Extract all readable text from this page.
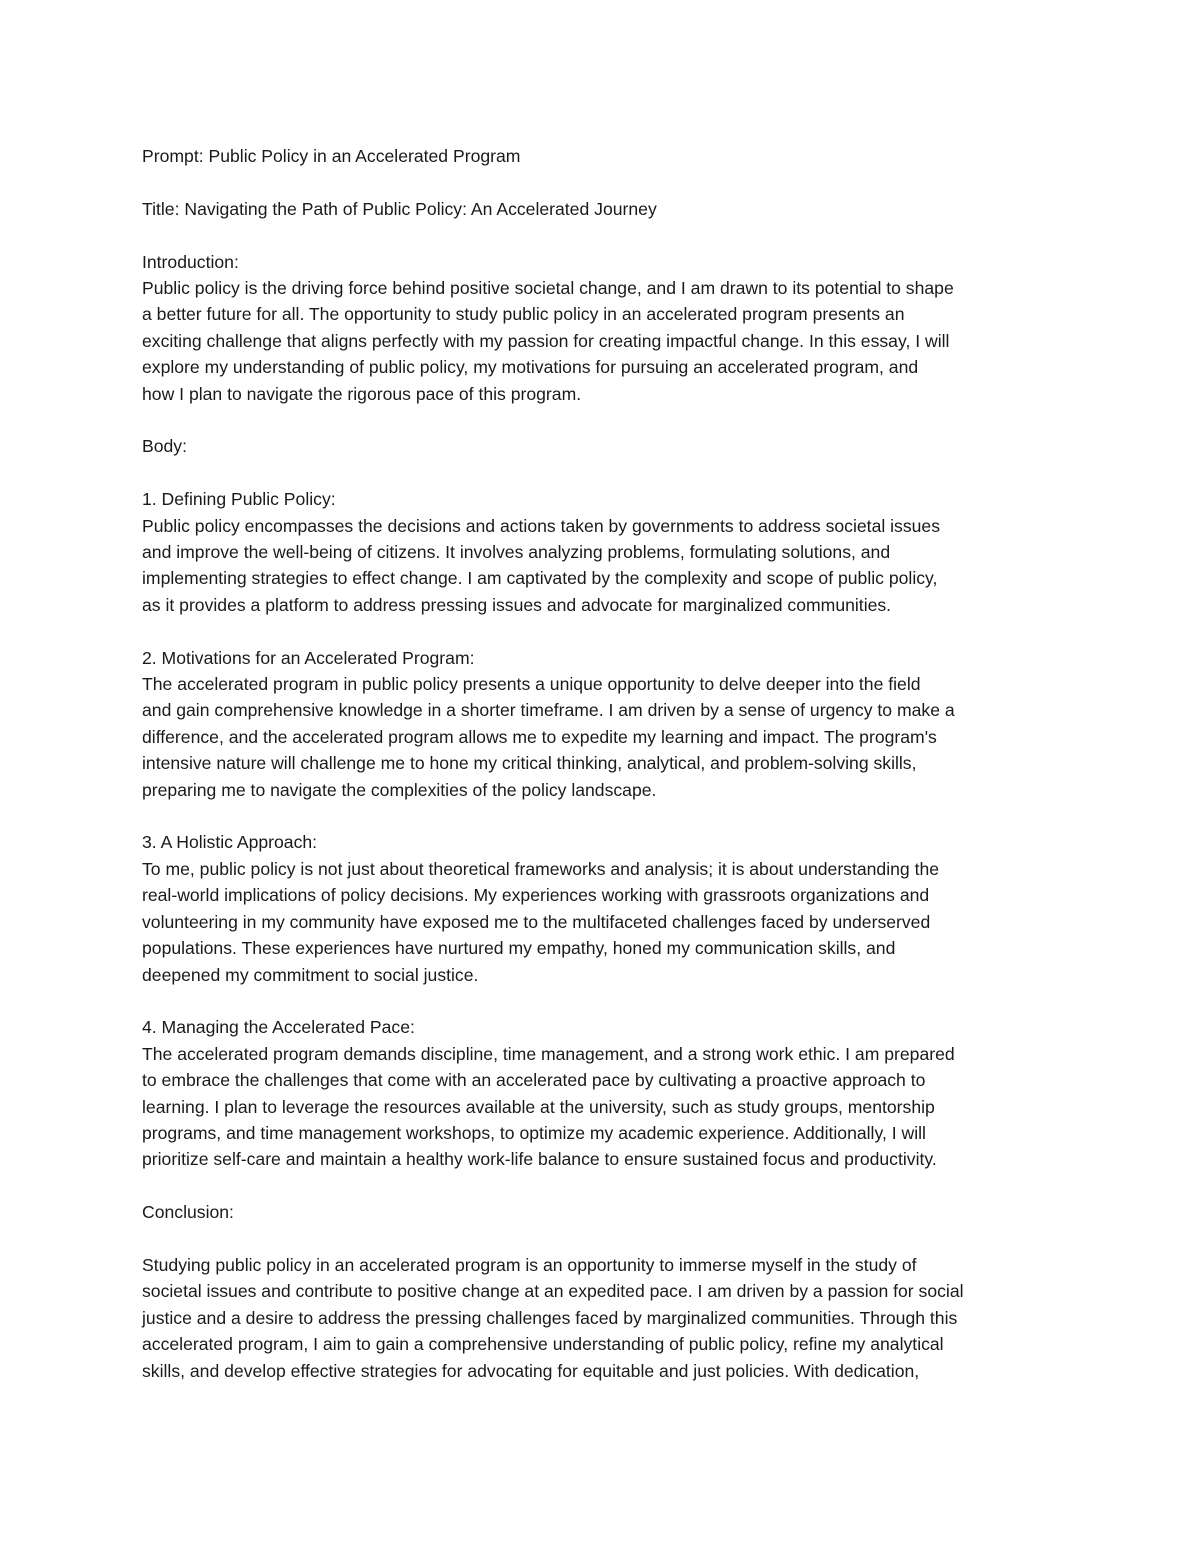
Prompt: Public Policy in an Accelerated Program

Title: Navigating the Path of Public Policy: An Accelerated Journey

Introduction:

Public policy is the driving force behind positive societal change, and I am drawn to its potential to shape

a better future for all. The opportunity to study public policy in an accelerated program presents an

exciting challenge that aligns perfectly with my passion for creating impactful change. In this essay, I will

explore my understanding of public policy, my motivations for pursuing an accelerated program, and

how I plan to navigate the rigorous pace of this program.

Body:

1. Defining Public Policy:

Public policy encompasses the decisions and actions taken by governments to address societal issues

and improve the well-being of citizens. It involves analyzing problems, formulating solutions, and

implementing strategies to effect change. I am captivated by the complexity and scope of public policy,

as it provides a platform to address pressing issues and advocate for marginalized communities.

2. Motivations for an Accelerated Program:

The accelerated program in public policy presents a unique opportunity to delve deeper into the field

and gain comprehensive knowledge in a shorter timeframe. I am driven by a sense of urgency to make a

difference, and the accelerated program allows me to expedite my learning and impact. The program's

intensive nature will challenge me to hone my critical thinking, analytical, and problem-solving skills,

preparing me to navigate the complexities of the policy landscape.

3. A Holistic Approach:

To me, public policy is not just about theoretical frameworks and analysis; it is about understanding the

real-world implications of policy decisions. My experiences working with grassroots organizations and

volunteering in my community have exposed me to the multifaceted challenges faced by underserved

populations. These experiences have nurtured my empathy, honed my communication skills, and

deepened my commitment to social justice.

4. Managing the Accelerated Pace:

The accelerated program demands discipline, time management, and a strong work ethic. I am prepared

to embrace the challenges that come with an accelerated pace by cultivating a proactive approach to

learning. I plan to leverage the resources available at the university, such as study groups, mentorship

programs, and time management workshops, to optimize my academic experience. Additionally, I will

prioritize self-care and maintain a healthy work-life balance to ensure sustained focus and productivity.

Conclusion:

Studying public policy in an accelerated program is an opportunity to immerse myself in the study of

societal issues and contribute to positive change at an expedited pace. I am driven by a passion for social

justice and a desire to address the pressing challenges faced by marginalized communities. Through this

accelerated program, I aim to gain a comprehensive understanding of public policy, refine my analytical

skills, and develop effective strategies for advocating for equitable and just policies. With dedication,
